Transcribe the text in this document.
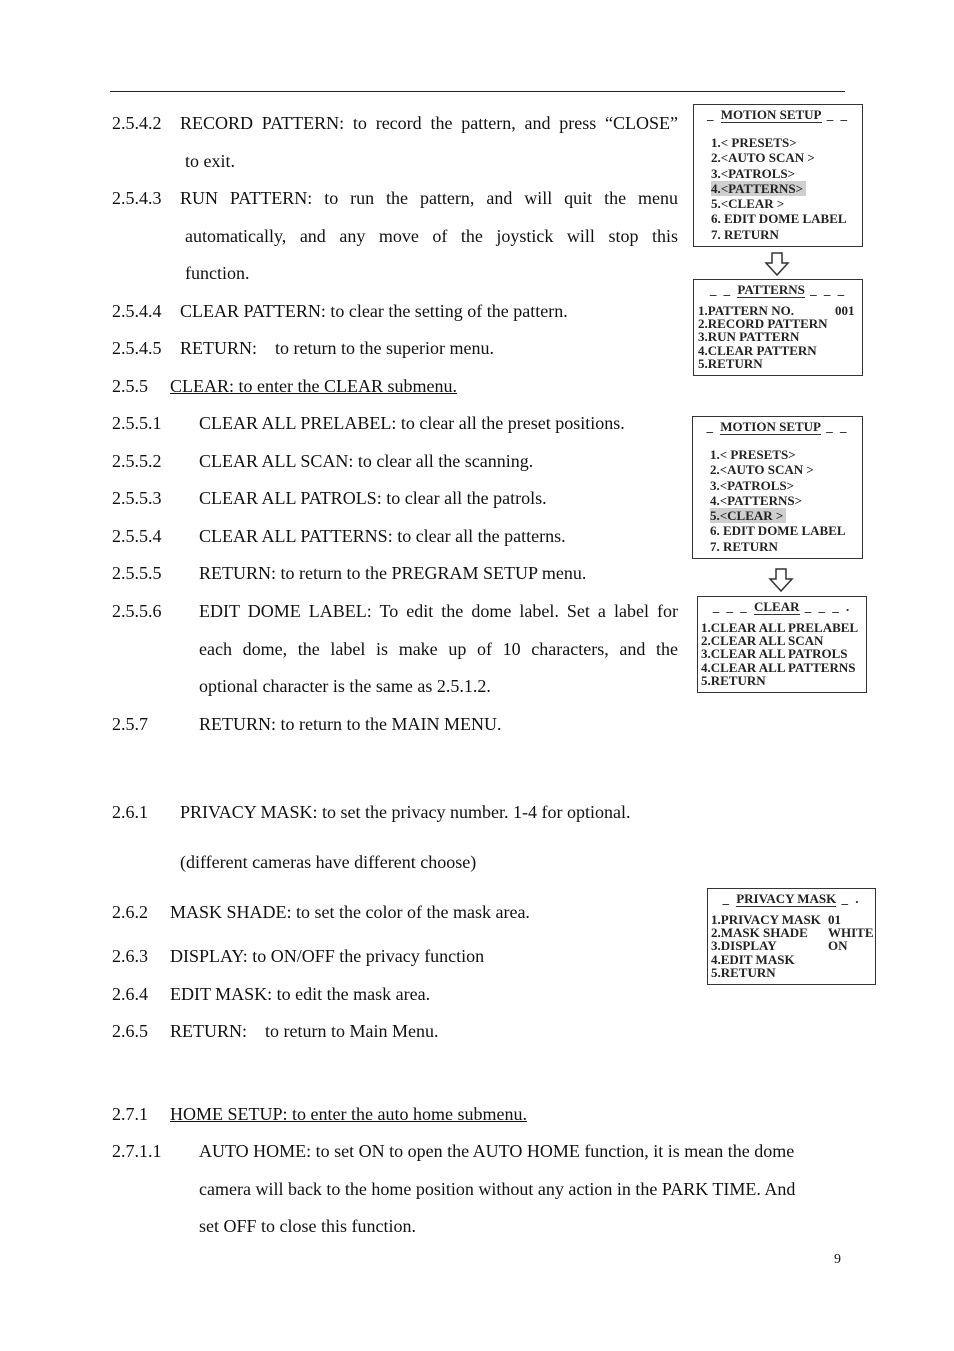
2.5.4.2 RECORD PATTERN: to record the pattern, and press “CLOSE”
to exit.
2.5.4.3 RUN PATTERN: to run the pattern, and will quit the menu
automatically, and any move of the joystick will stop this
function.
2.5.4.4 CLEAR PATTERN: to clear the setting of the pattern.
2.5.4.5 RETURN:    to return to the superior menu.
2.5.5 CLEAR: to enter the CLEAR submenu.
2.5.5.1 CLEAR ALL PRELABEL: to clear all the preset positions.
2.5.5.2 CLEAR ALL SCAN: to clear all the scanning.
2.5.5.3 CLEAR ALL PATROLS: to clear all the patrols.
2.5.5.4 CLEAR ALL PATTERNS: to clear all the patterns.
2.5.5.5 RETURN: to return to the PREGRAM SETUP menu.
2.5.5.6 EDIT DOME LABEL: To edit the dome label. Set a label for
each dome, the label is make up of 10 characters, and the
optional character is the same as 2.5.1.2.
2.5.7	RETURN: to return to the MAIN MENU.
2.6.1 PRIVACY MASK: to set the privacy number. 1-4 for optional.
(different cameras have different choose)
2.6.2 MASK SHADE: to set the color of the mask area.
2.6.3 DISPLAY: to ON/OFF the privacy function
2.6.4 EDIT MASK: to edit the mask area.
2.6.5 RETURN:    to return to Main Menu.
2.7.1 HOME SETUP: to enter the auto home submenu.
2.7.1.1 AUTO HOME: to set ON to open the AUTO HOME function, it is mean the dome
camera will back to the home position without any action in the PARK TIME. And
set OFF to close this function.
9
_ MOTION SETUP _ _
1.< PRESETS>
2.<AUTO SCAN >
3.<PATROLS>
4.<PATTERNS>
5.<CLEAR >
6. EDIT DOME LABEL
7. RETURN
_ _ PATTERNS _ _ _
1.PATTERN NO.
2.RECORD PATTERN
3.RUN PATTERN
4.CLEAR PATTERN
5.RETURN
001
_ MOTION SETUP _ _
1.< PRESETS>
2.<AUTO SCAN >
3.<PATROLS>
4.<PATTERNS>
5.<CLEAR >
6. EDIT DOME LABEL
7. RETURN
_ _ _ CLEAR _ _ _ .
1.CLEAR ALL PRELABEL
2.CLEAR ALL SCAN
3.CLEAR ALL PATROLS
4.CLEAR ALL PATTERNS
5.RETURN
_ PRIVACY MASK _ .
1.PRIVACY MASK
2.MASK SHADE
3.DISPLAY
4.EDIT MASK
5.RETURN
01
WHITE
ON
